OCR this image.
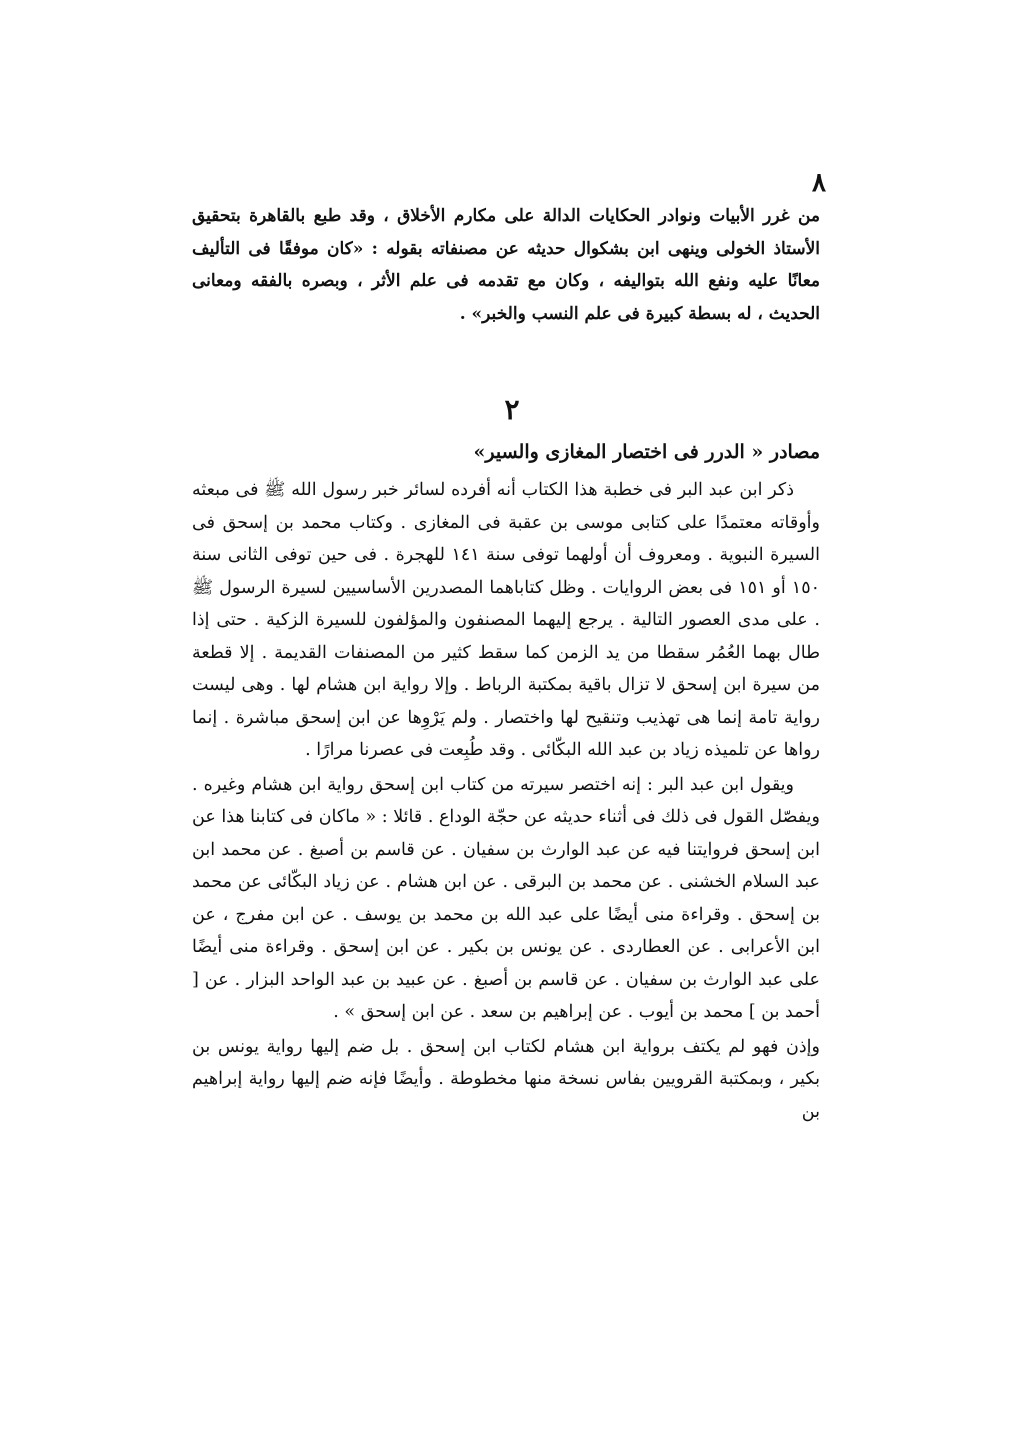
٨

من غرر الأبيات ونوادر الحكايات الدالة على مكارم الأخلاق ، وقد طبع بالقاهرة بتحقيق الأستاذ الخولى وينهى ابن بشكوال حديثه عن مصنفاته بقوله : «كان موفقًا فى التأليف معانًا عليه ونفع الله بتواليفه ، وكان مع تقدمه فى علم الأثر ، وبصره بالفقه ومعانى الحديث ، له بسطة كبيرة فى علم النسب والخبر» .

٢
مصادر « الدرر فى اختصار المغازى والسير»

ذكر ابن عبد البر فى خطبة هذا الكتاب أنه أفرده لسائر خبر رسول الله ﷺ فى مبعثه وأوقاته معتمدًا على كتابى موسى بن عقبة فى المغازى . وكتاب محمد بن إسحق فى السيرة النبوية . ومعروف أن أولهما توفى سنة ١٤١ للهجرة . فى حين توفى الثانى سنة ١٥٠ أو ١٥١ فى بعض الروايات . وظل كتاباهما المصدرين الأساسيين لسيرة الرسول ﷺ . على مدى العصور التالية . يرجع إليهما المصنفون والمؤلفون للسيرة الزكية . حتى إذا طال بهما العُمُر سقطا من يد الزمن كما سقط كثير من المصنفات القديمة . إلا قطعة من سيرة ابن إسحق لا تزال باقية بمكتبة الرباط . وإلا رواية ابن هشام لها . وهى ليست رواية تامة إنما هى تهذيب وتنقيح لها واختصار . ولم يَرْوِها عن ابن إسحق مباشرة . إنما رواها عن تلميذه زياد بن عبد الله البكّائى . وقد طُبِعت فى عصرنا مرارًا .

ويقول ابن عبد البر : إنه اختصر سيرته من كتاب ابن إسحق رواية ابن هشام وغيره . ويفصّل القول فى ذلك فى أثناء حديثه عن حجّة الوداع . قائلا : « ماكان فى كتابنا هذا عن ابن إسحق فروايتنا فيه عن عبد الوارث بن سفيان . عن قاسم بن أصبغ . عن محمد ابن عبد السلام الخشنى . عن محمد بن البرقى . عن ابن هشام . عن زياد البكّائى عن محمد بن إسحق . وقراءة منى أيضًا على عبد الله بن محمد بن يوسف . عن ابن مفرج ، عن ابن الأعرابى . عن العطاردى . عن يونس بن بكير . عن ابن إسحق . وقراءة منى أيضًا على عبد الوارث بن سفيان . عن قاسم بن أصبغ . عن عبيد بن عبد الواحد البزار . عن [ أحمد بن ] محمد بن أيوب . عن إبراهيم بن سعد . عن ابن إسحق » .

وإذن فهو لم يكتف برواية ابن هشام لكتاب ابن إسحق . بل ضم إليها رواية يونس بن بكير ، وبمكتبة القرويين بفاس نسخة منها مخطوطة . وأيضًا فإنه ضم إليها رواية إبراهيم بن
